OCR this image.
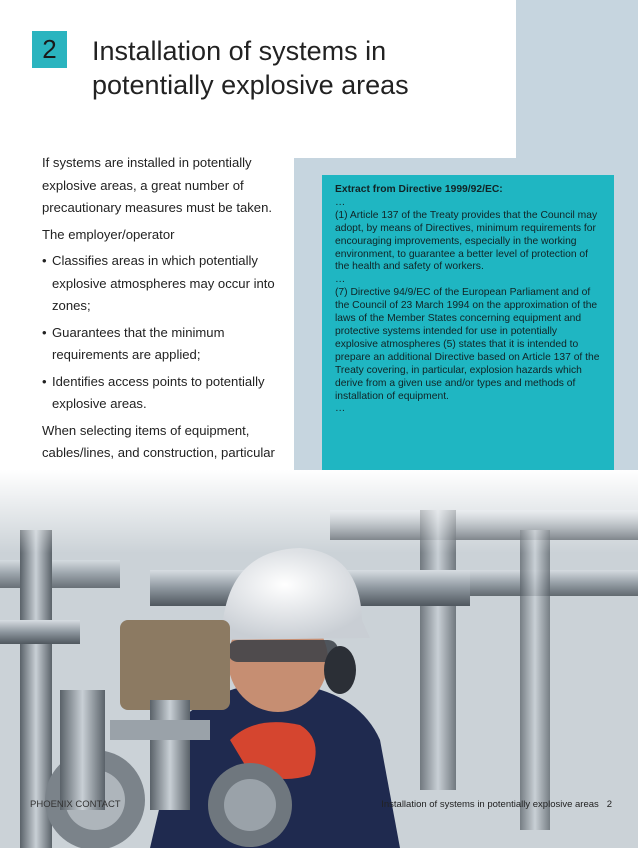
2	Installation of systems in
potentially explosive areas

If systems are installed in potentially explosive areas, a great number of precautionary measures must be taken.

The employer/operator

• Classifies areas in which potentially explosive atmospheres may occur into zones;

• Guarantees that the minimum requirements are applied;

• Identifies access points to potentially explosive areas.

When selecting items of equipment, cables/lines, and construction, particular

Extract from Directive 1999/92/EC:

…

(1) Article 137 of the Treaty provides that the Council may adopt, by means of Directives, minimum requirements for encouraging improvements, especially in the working environment, to guarantee a better level of protection of the health and safety of workers.

…

(7) Directive 94/9/EC of the European Parliament and of the Council of 23 March 1994 on the approximation of the laws of the Member States concerning equipment and protective systems intended for use in potentially explosive atmospheres (5) states that it is intended to prepare an additional Directive based on Article 137 of the Treaty covering, in particular, explosion hazards which derive from a given use and/or types and methods of installation of equipment.

…

PHOENIX CONTACT	Installation of systems in potentially explosive areas 2
